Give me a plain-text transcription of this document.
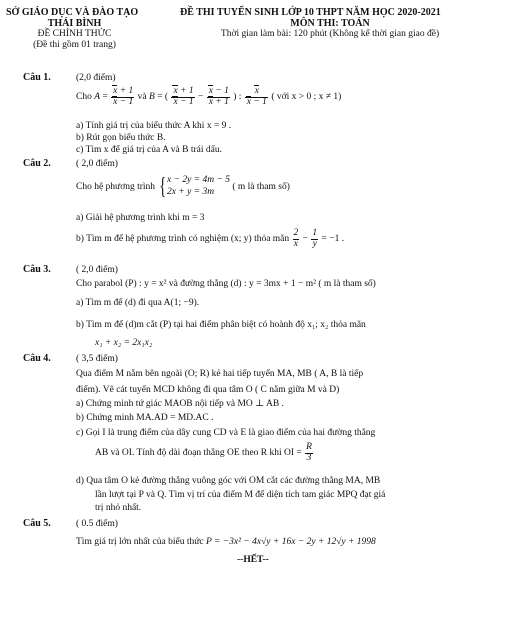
SỞ GIÁO DỤC VÀ ĐÀO TẠO
THÁI BÌNH
ĐỀ CHÍNH THỨC
(Đề thi gồm 01 trang)
ĐỀ THI TUYỂN SINH LỚP 10 THPT NĂM HỌC 2020-2021
MÔN THI: TOÁN
Thời gian làm bài: 120 phút (Không kể thời gian giao đề)
Câu 1.	(2,0 điểm)
Cho $A = \frac{x + 1}{x - 1}$ và B = ( $\frac{x + 1}{x - 1} - \frac{x - 1}{x + 1}$ ) : $\frac{x}{x - 1}$ ( với x > 0 ; x ≠ 1)
a) Tính giá trị của biểu thức A khi x = 9 .
b) Rút gọn biểu thức B.
c) Tìm x để giá trị của A và B trái dấu.
Câu 2.	( 2,0 điểm)
Cho hệ phương trình {x − 2y = 4m − 5
2x + y = 3m ( m là tham số)
a) Giải hệ phương trình khi m = 3
b) Tìm m để hệ phương trình có nghiệm (x; y) thỏa mãn $\frac{2}{x} - \frac{1}{y} = -1$ .
Câu 3.	( 2,0 điểm)
Cho parabol (P) : y = x² và đường thẳng (d) : y = 3mx + 1 − m² ( m là tham số)
a) Tìm m để (d) đi qua A(1; −9).
b) Tìm m để (d)m cắt (P) tại hai điểm phân biệt có hoành độ x₁; x₂ thỏa mãn
x₁ + x₂ = 2x₁x₂
Câu 4.	( 3,5 điểm)
Qua điểm M nằm bên ngoài (O; R) kẻ hai tiếp tuyến MA, MB ( A, B là tiếp
điểm). Vẽ cát tuyến MCD không đi qua tâm O ( C nằm giữa M và D)
a) Chứng minh tứ giác MAOB nội tiếp và MO ⊥ AB .
b) Chứng minh MA.AD = MD.AC .
c) Gọi I là trung điểm của dây cung CD và E là giao điểm của hai đường thẳng
AB và OI. Tính độ dài đoạn thẳng OE theo R khi OI = $\frac{R}{3}$
d) Qua tâm O kẻ đường thẳng vuông góc với OM cắt các đường thẳng MA, MB
lần lượt tại P và Q. Tìm vị trí của điểm M để diện tích tam giác MPQ đạt giá
trị nhỏ nhất.
Câu 5.	( 0.5 điểm)
Tìm giá trị lớn nhất của biểu thức P = −3x² − 4x√y + 16x − 2y + 12√y + 1998
--HẾT--
